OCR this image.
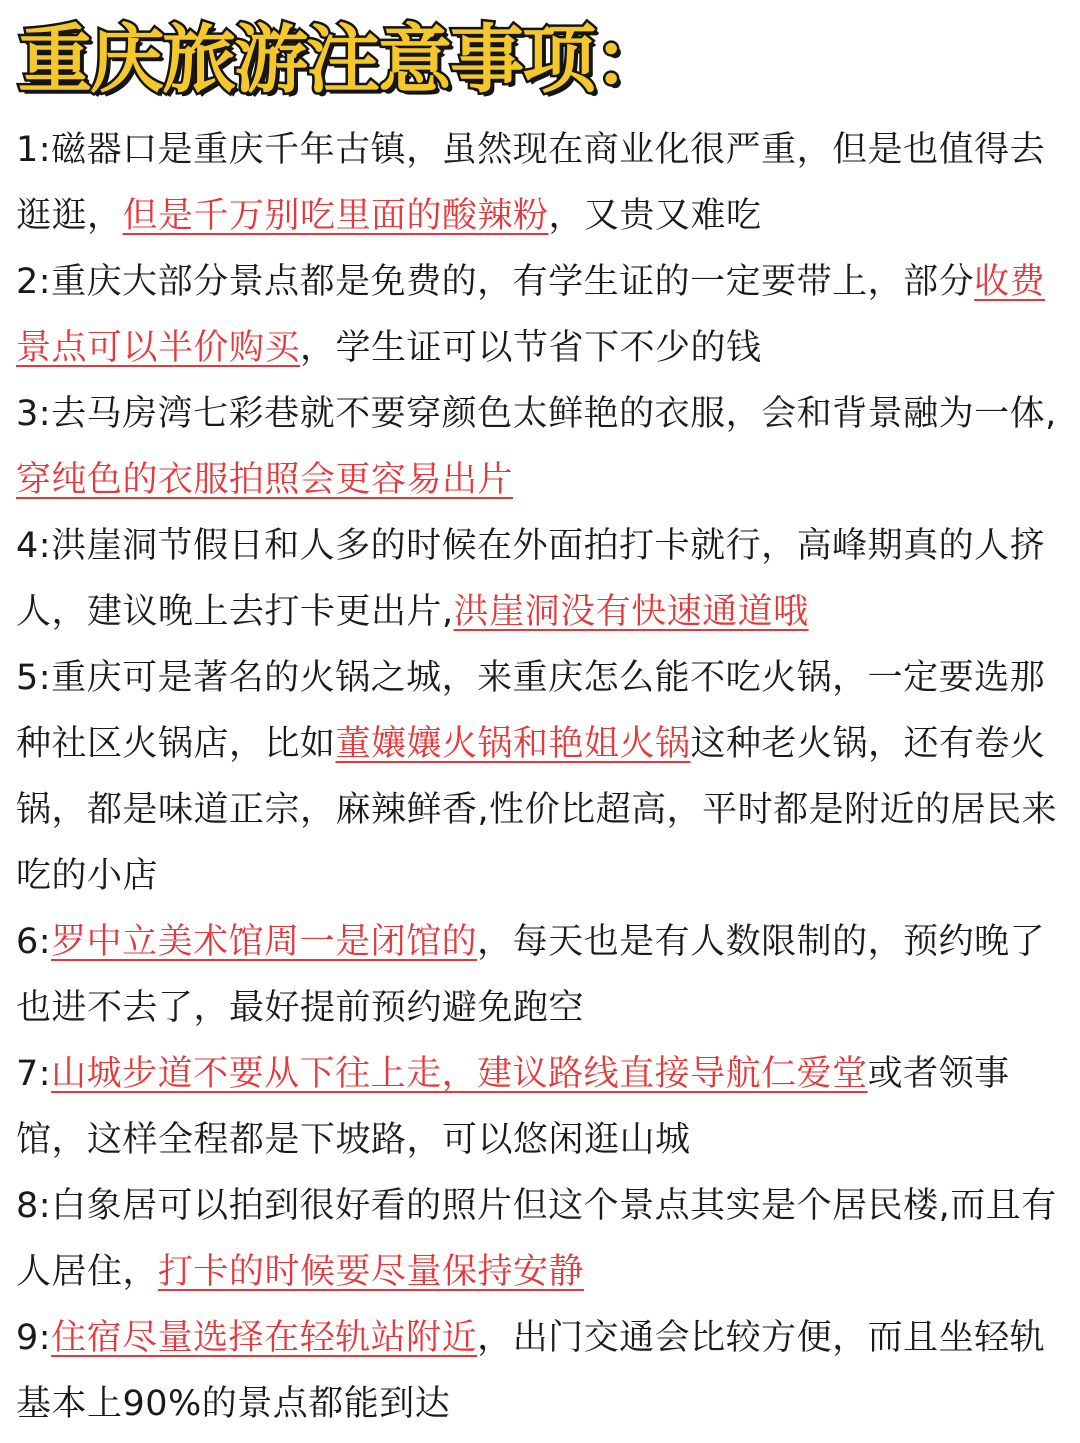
重庆旅游注意事项：

1:磁器口是重庆千年古镇，虽然现在商业化很严重，但是也值得去逛逛，但是千万别吃里面的酸辣粉，又贵又难吃

2:重庆大部分景点都是免费的，有学生证的一定要带上，部分收费景点可以半价购买，学生证可以节省下不少的钱

3:去马房湾七彩巷就不要穿颜色太鲜艳的衣服，会和背景融为一体,穿纯色的衣服拍照会更容易出片

4:洪崖洞节假日和人多的时候在外面拍打卡就行，高峰期真的人挤人，建议晚上去打卡更出片,洪崖洞没有快速通道哦

5:重庆可是著名的火锅之城，来重庆怎么能不吃火锅，一定要选那种社区火锅店，比如董孃孃火锅和艳姐火锅这种老火锅，还有卷火锅，都是味道正宗，麻辣鲜香,性价比超高，平时都是附近的居民来吃的小店

6:罗中立美术馆周一是闭馆的，每天也是有人数限制的，预约晚了也进不去了，最好提前预约避免跑空

7:山城步道不要从下往上走，建议路线直接导航仁爱堂或者领事馆，这样全程都是下坡路，可以悠闲逛山城

8:白象居可以拍到很好看的照片但这个景点其实是个居民楼,而且有人居住，打卡的时候要尽量保持安静

9:住宿尽量选择在轻轨站附近，出门交通会比较方便，而且坐轻轨基本上90%的景点都能到达
